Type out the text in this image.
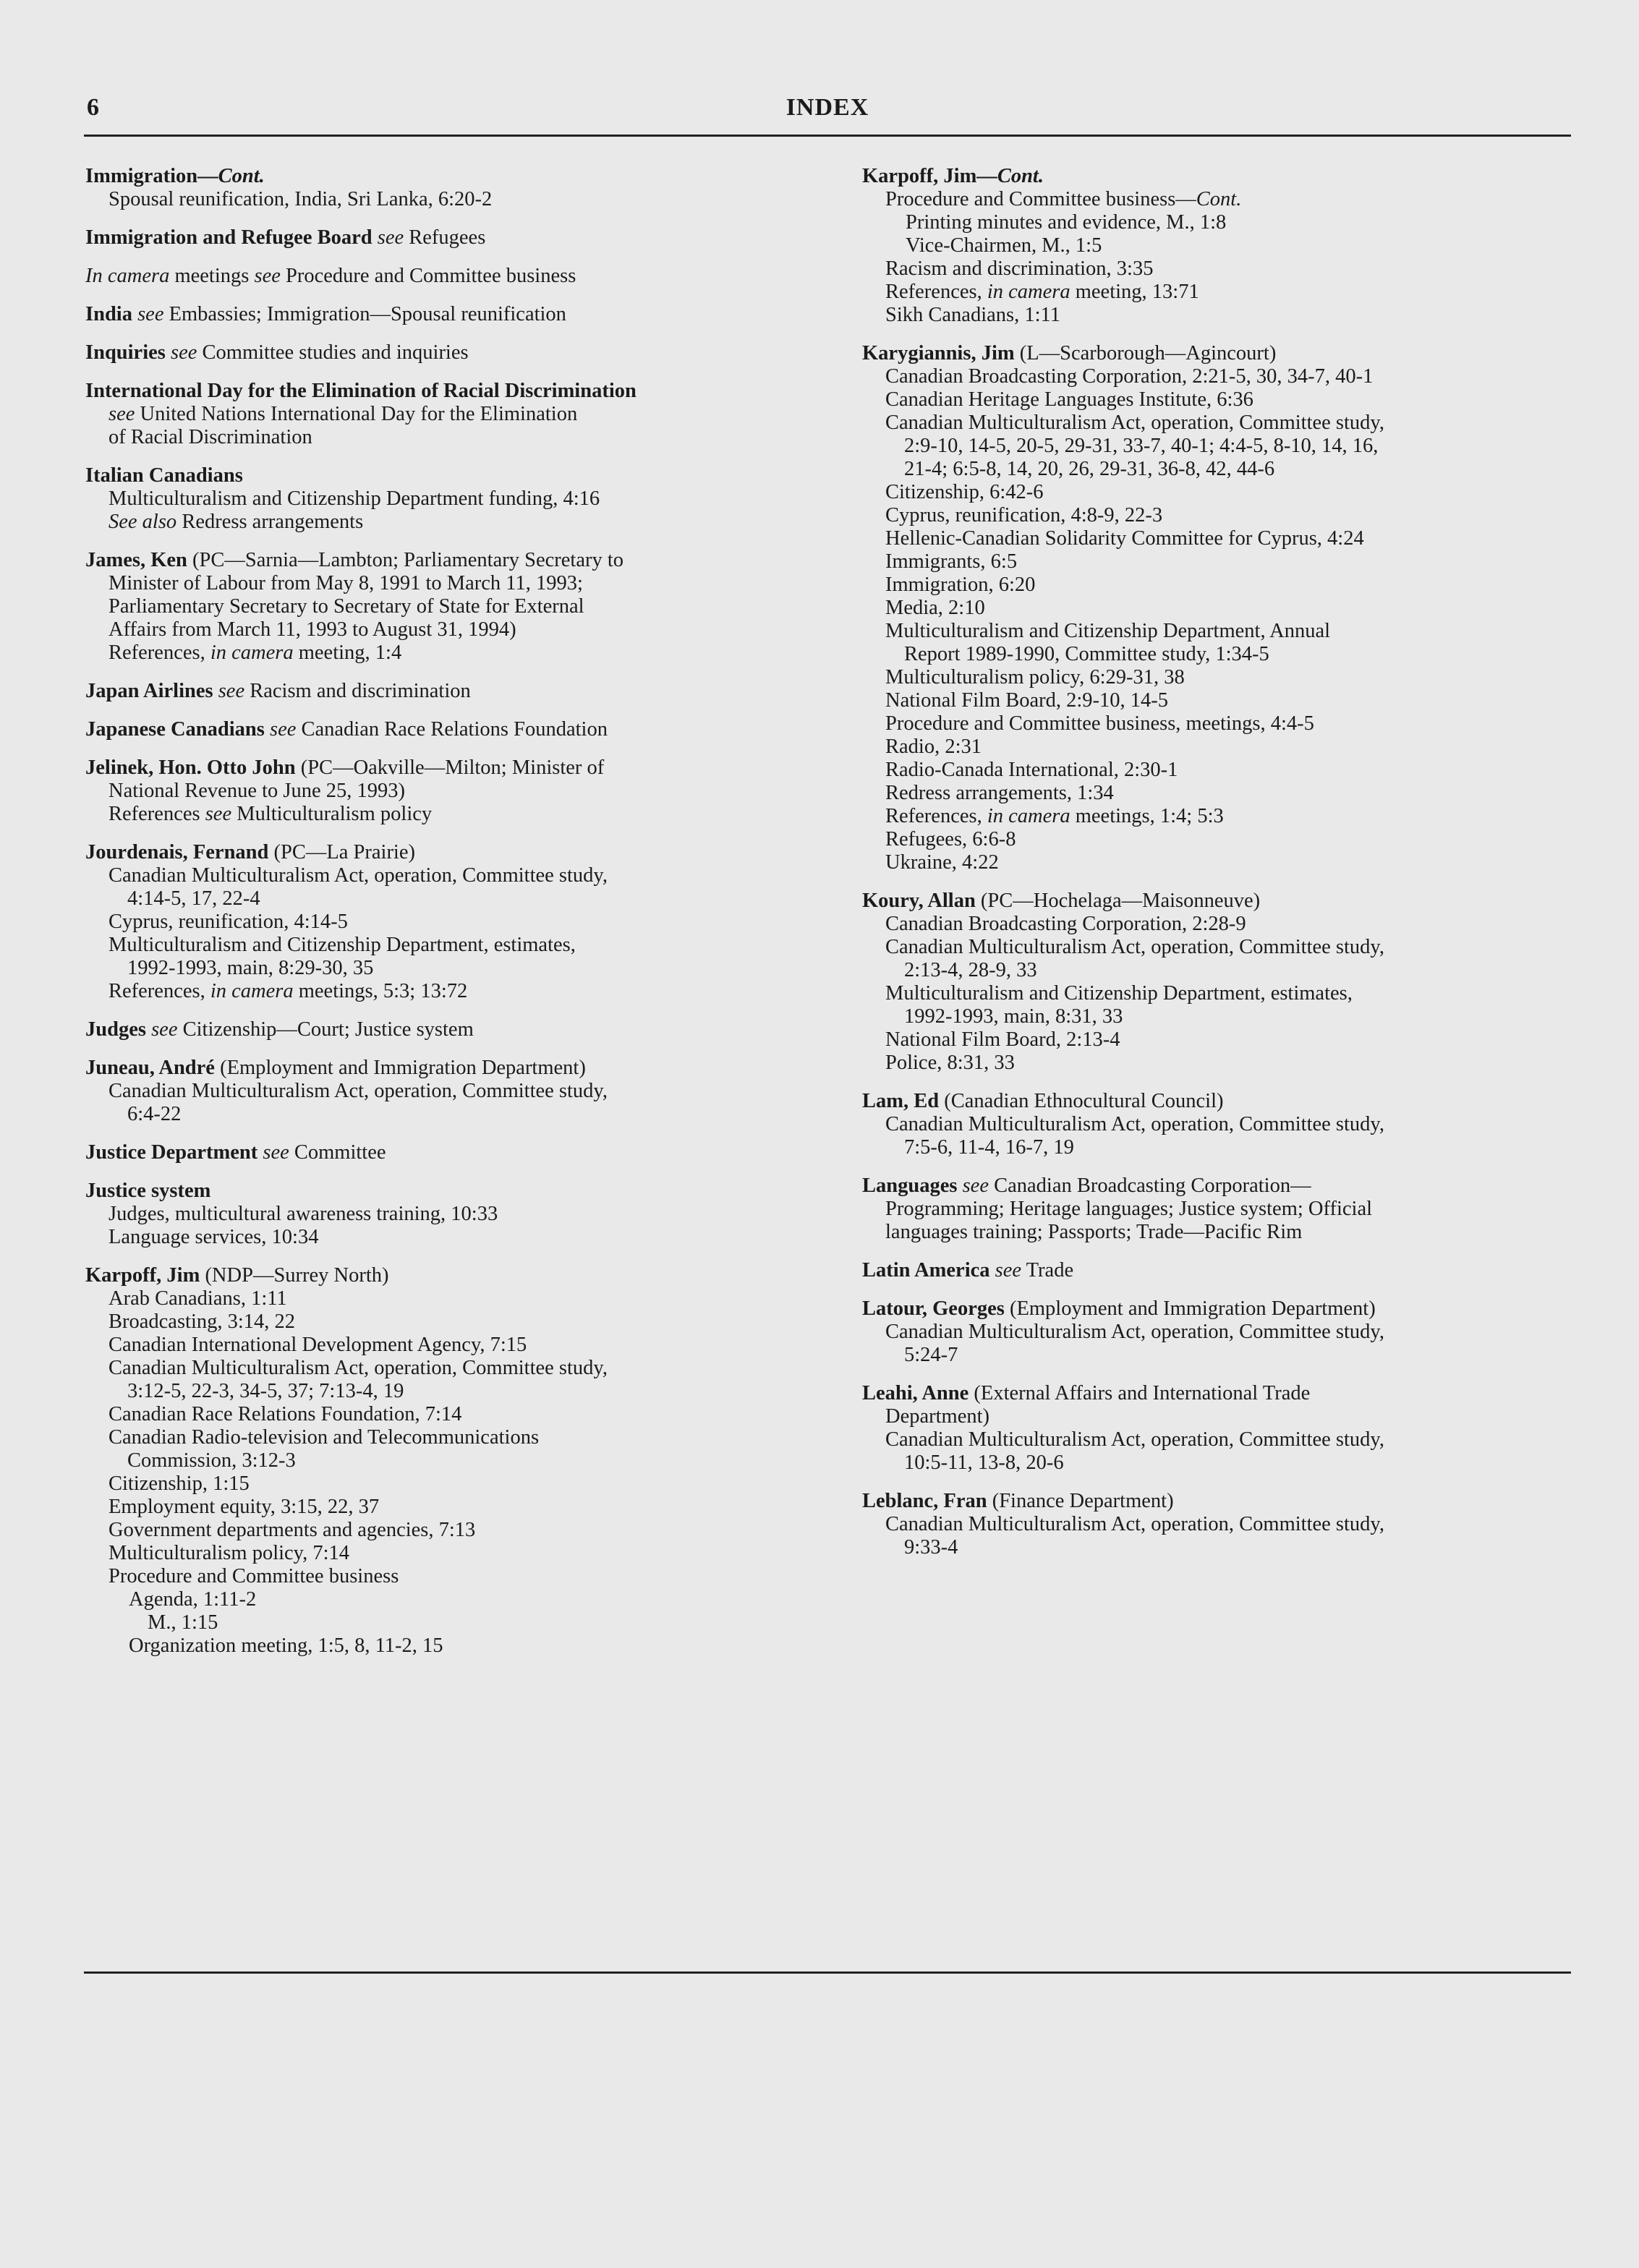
6	INDEX
Immigration—Cont.
Spousal reunification, India, Sri Lanka, 6:20-2
Immigration and Refugee Board see Refugees
In camera meetings see Procedure and Committee business
India see Embassies; Immigration—Spousal reunification
Inquiries see Committee studies and inquiries
International Day for the Elimination of Racial Discrimination
see United Nations International Day for the Elimination
of Racial Discrimination
Italian Canadians
Multiculturalism and Citizenship Department funding, 4:16
See also Redress arrangements
James, Ken (PC—Sarnia—Lambton; Parliamentary Secretary to
Minister of Labour from May 8, 1991 to March 11, 1993;
Parliamentary Secretary to Secretary of State for External
Affairs from March 11, 1993 to August 31, 1994)
References, in camera meeting, 1:4
Japan Airlines see Racism and discrimination
Japanese Canadians see Canadian Race Relations Foundation
Jelinek, Hon. Otto John (PC—Oakville—Milton; Minister of
National Revenue to June 25, 1993)
References see Multiculturalism policy
Jourdenais, Fernand (PC—La Prairie)
Canadian Multiculturalism Act, operation, Committee study,
4:14-5, 17, 22-4
Cyprus, reunification, 4:14-5
Multiculturalism and Citizenship Department, estimates,
1992-1993, main, 8:29-30, 35
References, in camera meetings, 5:3; 13:72
Judges see Citizenship—Court; Justice system
Juneau, André (Employment and Immigration Department)
Canadian Multiculturalism Act, operation, Committee study,
6:4-22
Justice Department see Committee
Justice system
Judges, multicultural awareness training, 10:33
Language services, 10:34
Karpoff, Jim (NDP—Surrey North)
Arab Canadians, 1:11
Broadcasting, 3:14, 22
Canadian International Development Agency, 7:15
Canadian Multiculturalism Act, operation, Committee study,
3:12-5, 22-3, 34-5, 37; 7:13-4, 19
Canadian Race Relations Foundation, 7:14
Canadian Radio-television and Telecommunications
Commission, 3:12-3
Citizenship, 1:15
Employment equity, 3:15, 22, 37
Government departments and agencies, 7:13
Multiculturalism policy, 7:14
Procedure and Committee business
Agenda, 1:11-2
M., 1:15
Organization meeting, 1:5, 8, 11-2, 15
Karpoff, Jim—Cont.
Procedure and Committee business—Cont.
Printing minutes and evidence, M., 1:8
Vice-Chairmen, M., 1:5
Racism and discrimination, 3:35
References, in camera meeting, 13:71
Sikh Canadians, 1:11
Karygiannis, Jim (L—Scarborough—Agincourt)
Canadian Broadcasting Corporation, 2:21-5, 30, 34-7, 40-1
Canadian Heritage Languages Institute, 6:36
Canadian Multiculturalism Act, operation, Committee study,
2:9-10, 14-5, 20-5, 29-31, 33-7, 40-1; 4:4-5, 8-10, 14, 16,
21-4; 6:5-8, 14, 20, 26, 29-31, 36-8, 42, 44-6
Citizenship, 6:42-6
Cyprus, reunification, 4:8-9, 22-3
Hellenic-Canadian Solidarity Committee for Cyprus, 4:24
Immigrants, 6:5
Immigration, 6:20
Media, 2:10
Multiculturalism and Citizenship Department, Annual
Report 1989-1990, Committee study, 1:34-5
Multiculturalism policy, 6:29-31, 38
National Film Board, 2:9-10, 14-5
Procedure and Committee business, meetings, 4:4-5
Radio, 2:31
Radio-Canada International, 2:30-1
Redress arrangements, 1:34
References, in camera meetings, 1:4; 5:3
Refugees, 6:6-8
Ukraine, 4:22
Koury, Allan (PC—Hochelaga—Maisonneuve)
Canadian Broadcasting Corporation, 2:28-9
Canadian Multiculturalism Act, operation, Committee study,
2:13-4, 28-9, 33
Multiculturalism and Citizenship Department, estimates,
1992-1993, main, 8:31, 33
National Film Board, 2:13-4
Police, 8:31, 33
Lam, Ed (Canadian Ethnocultural Council)
Canadian Multiculturalism Act, operation, Committee study,
7:5-6, 11-4, 16-7, 19
Languages see Canadian Broadcasting Corporation—
Programming; Heritage languages; Justice system; Official
languages training; Passports; Trade—Pacific Rim
Latin America see Trade
Latour, Georges (Employment and Immigration Department)
Canadian Multiculturalism Act, operation, Committee study,
5:24-7
Leahi, Anne (External Affairs and International Trade
Department)
Canadian Multiculturalism Act, operation, Committee study,
10:5-11, 13-8, 20-6
Leblanc, Fran (Finance Department)
Canadian Multiculturalism Act, operation, Committee study,
9:33-4
